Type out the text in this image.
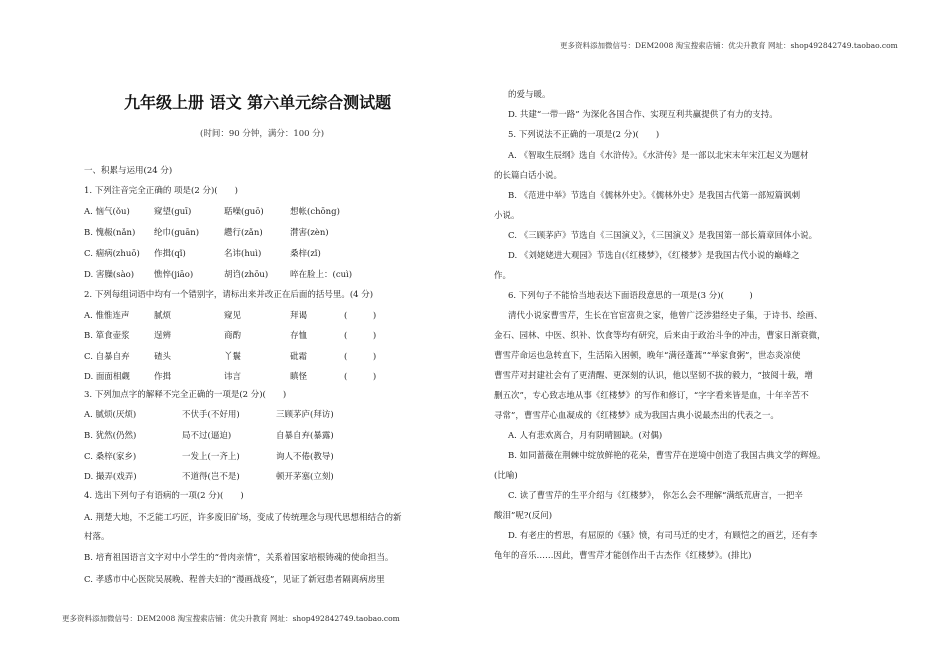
更多资料添加微信号：DEM2008 淘宝搜索店铺：优尖升教育 网址：shop492842749.taobao.com
九年级上册 语文 第六单元综合测试题
(时间：90 分钟，满分：100 分)
一、积累与运用(24 分)
1. 下列注音完全正确的 项是(2 分)(　　)
A. 恼气(ǒu)	窥望(guī)	聒噪(guō)	想帐(chōng)
B. 愧赧(nǎn) 纶巾(guān)	趱行(zǎn)	潸害(zèn)
C. 痼病(zhuō) 作揖(qǐ)	名讳(huì)	桑梓(zǐ)
D. 害臊(sào) 憔悴(jiāo)	胡诌(zhōu)	啐在脸上：(cuì)
2. 下列每组词语中均有一个错别字，请标出来并改正在后面的括号里。(4 分)
A. 惟惟连声	腻烦	窥见	拜谒	(　　　)
B. 箪食壶浆	逞辨	商酌	存恤	(　　　)
C. 自暴自弃	碴头	丫鬟	砒霜	(　　　)
D. 面面相觑	作揖	讳言	瞋怪	(　　　)
3. 下列加点字的解释不完全正确的一项是(2 分)(　　)
A. 腻烦(厌烦)	不伏手(不好用)	三顾茅庐(拜访)
B. 犹然(仍然)	局不过(逼迫)	自暴自弃(暴露)
C. 桑梓(家乡)	一发上(一齐上)	询人不倦(教导)
D. 撮弄(戏弄)	不道得(岂不是)	顿开茅塞(立刻)
4. 选出下列句子有语病的一项(2 分)(　　)
A. 荆楚大地，不乏能工巧匠，许多废旧矿场，变成了传统理念与现代思想相结合的新
村落。
B. 培育祖国语言文字对中小学生的“骨肉亲情”，关系着国家培根铸魂的使命担当。
C. 孝感市中心医院吴展晚、程普夫妇的“漫画战疫”，见证了新冠患者隔离病房里
的爱与暖。
D. 共建“一带一路” 为深化各国合作、实现互利共赢提供了有力的支持。
5. 下列说法不正确的一项是(2 分)(　　)
A. 《智取生辰纲》选自《水浒传》。《水浒传》是一部以北宋末年宋江起义为题材
的长篇白话小说。
B. 《范进中举》节选自《儒林外史》。《儒林外史》是我国古代第一部短篇讽刺
小说。
C. 《三顾茅庐》节选自《三国演义》，《三国演义》是我国第一部长篇章回体小说。
D. 《刘姥姥进大观园》节选自(《红楼梦》，《红楼梦》是我国古代小说的巅峰之
作。
6. 下列句子不能恰当地表达下面语段意思的一项是(3 分)(　　　)
清代小说家曹雪芹，生长在官宦富贵之家，他曾广泛涉猎经史子集，于诗书、绘画、
金石、园林、中医、织补、饮食等均有研究，后来由于政治斗争的冲击，曹家日渐衰微，
曹雪芹命运也急转直下，生活陷入困顿，晚年“满径蓬蒿”“举家食粥”，世态炎凉使
曹雪芹对封建社会有了更清醒、更深刻的认识，他以坚韧不拔的毅力，“披阅十载，增
删五次”，专心致志地从事《红楼梦》的写作和修订，“字字看来皆是血，十年辛苦不
寻常”，曹雪芹心血凝成的《红楼梦》成为我国古典小说最杰出的代表之一。
A. 人有悲欢离合，月有阴晴圆缺。(对偶)
B. 如同蔷薇在荆棘中绽放鲜艳的花朵，曹雪芹在逆境中创造了我国古典文学的辉煌。
(比喻)
C. 读了曹雪芹的生平介绍与《红楼梦》， 你怎么会不理解“满纸荒唐言，一把辛
酸泪”呢?(反问)
D. 有老庄的哲思，有屈原的《骚》愤，有司马迁的史才，有顾恺之的画艺，还有李
龟年的音乐……因此，曹雪芹才能创作出千古杰作《红楼梦》。(排比)
更多资料添加微信号：DEM2008 淘宝搜索店铺：优尖升教育 网址：shop492842749.taobao.com
